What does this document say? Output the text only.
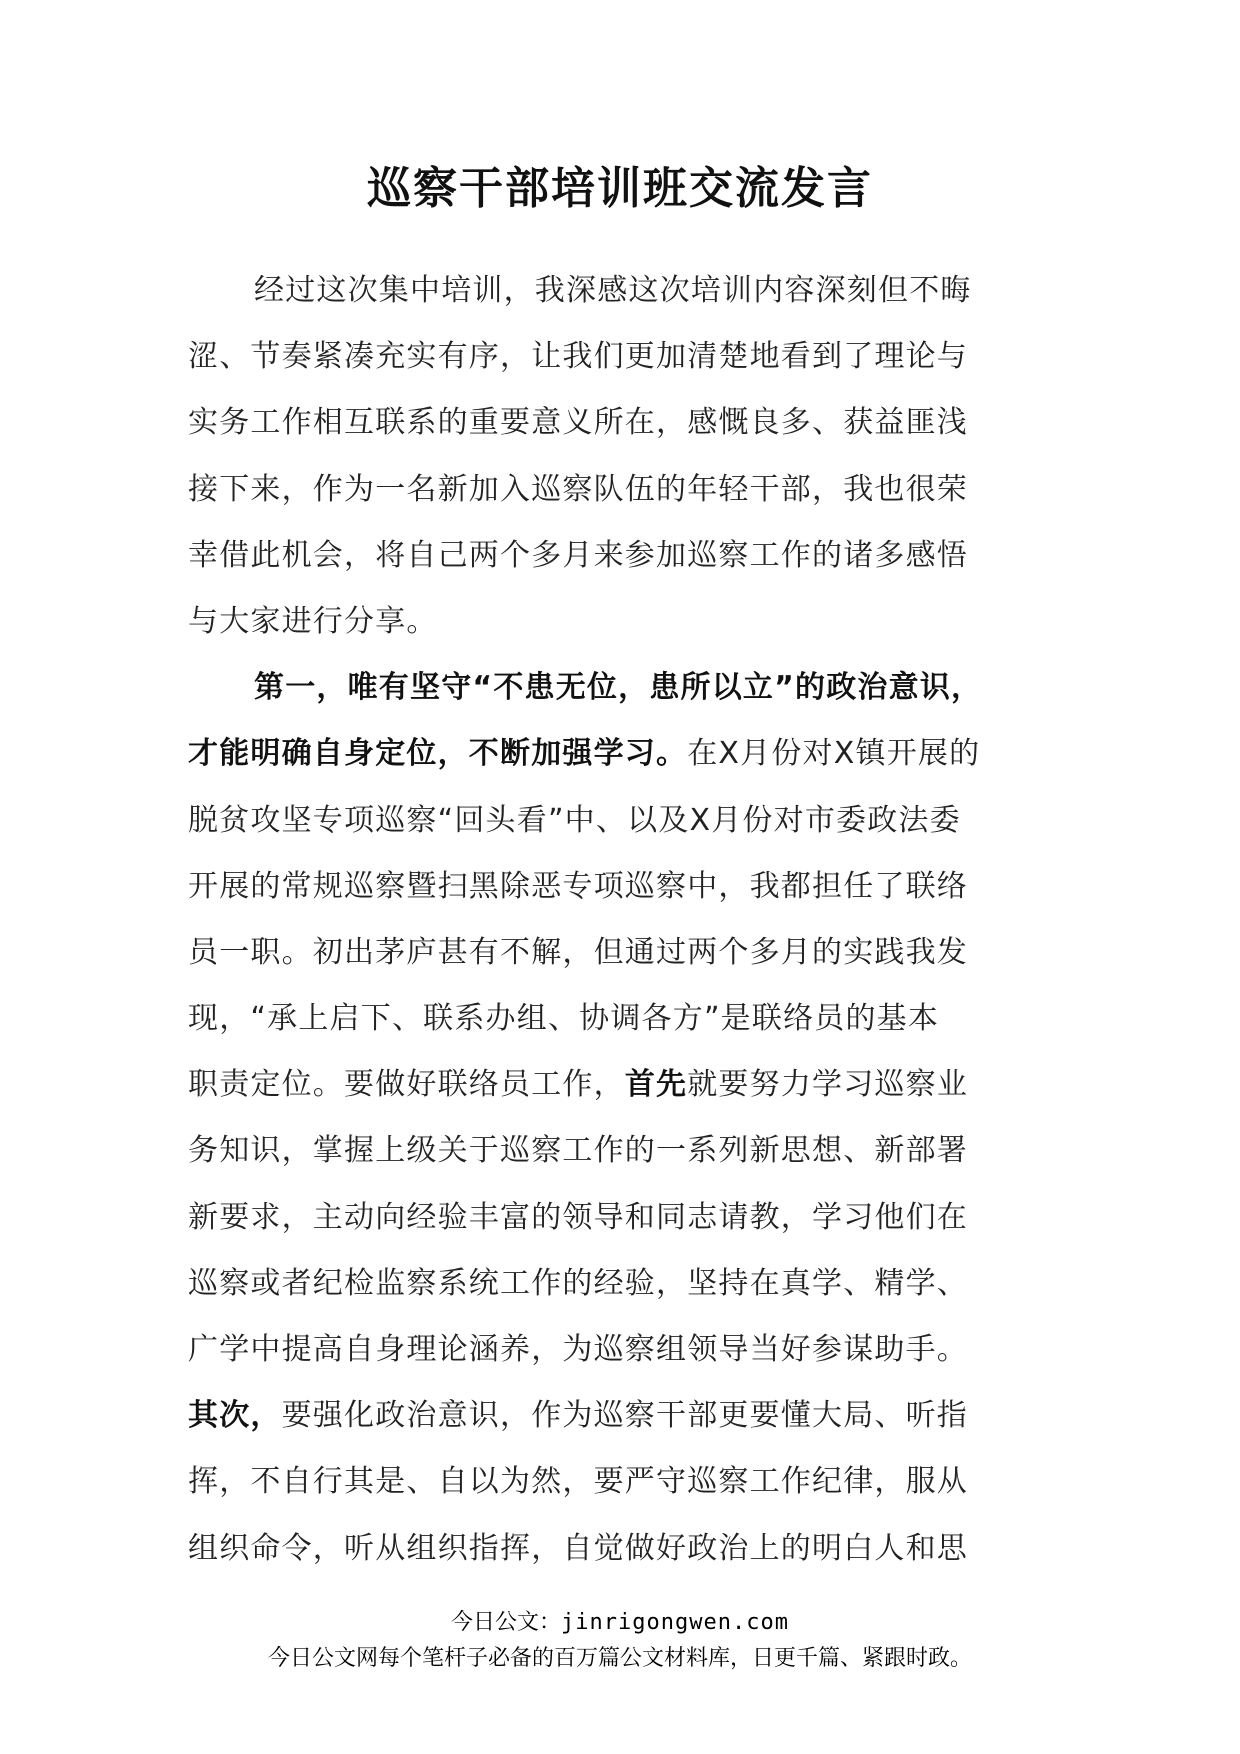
巡察干部培训班交流发言
经过这次集中培训，我深感这次培训内容深刻但不晦
涩、节奏紧凑充实有序，让我们更加清楚地看到了理论与
实务工作相互联系的重要意义所在，感慨良多、获益匪浅
接下来，作为一名新加入巡察队伍的年轻干部，我也很荣
幸借此机会，将自己两个多月来参加巡察工作的诸多感悟
与大家进行分享。
第一，唯有坚守“不患无位，患所以立”的政治意识，
才能明确自身定位，不断加强学习。在X月份对X镇开展的
脱贫攻坚专项巡察“回头看”中、以及X月份对市委政法委
开展的常规巡察暨扫黑除恶专项巡察中，我都担任了联络
员一职。初出茅庐甚有不解，但通过两个多月的实践我发
现，“承上启下、联系办组、协调各方”是联络员的基本
职责定位。要做好联络员工作，首先就要努力学习巡察业
务知识，掌握上级关于巡察工作的一系列新思想、新部署
新要求，主动向经验丰富的领导和同志请教，学习他们在
巡察或者纪检监察系统工作的经验，坚持在真学、精学、
广学中提高自身理论涵养，为巡察组领导当好参谋助手。
其次，要强化政治意识，作为巡察干部更要懂大局、听指
挥，不自行其是、自以为然，要严守巡察工作纪律，服从
组织命令，听从组织指挥，自觉做好政治上的明白人和思
今日公文：jinrigongwen.com
今日公文网每个笔杆子必备的百万篇公文材料库，日更千篇、紧跟时政。
